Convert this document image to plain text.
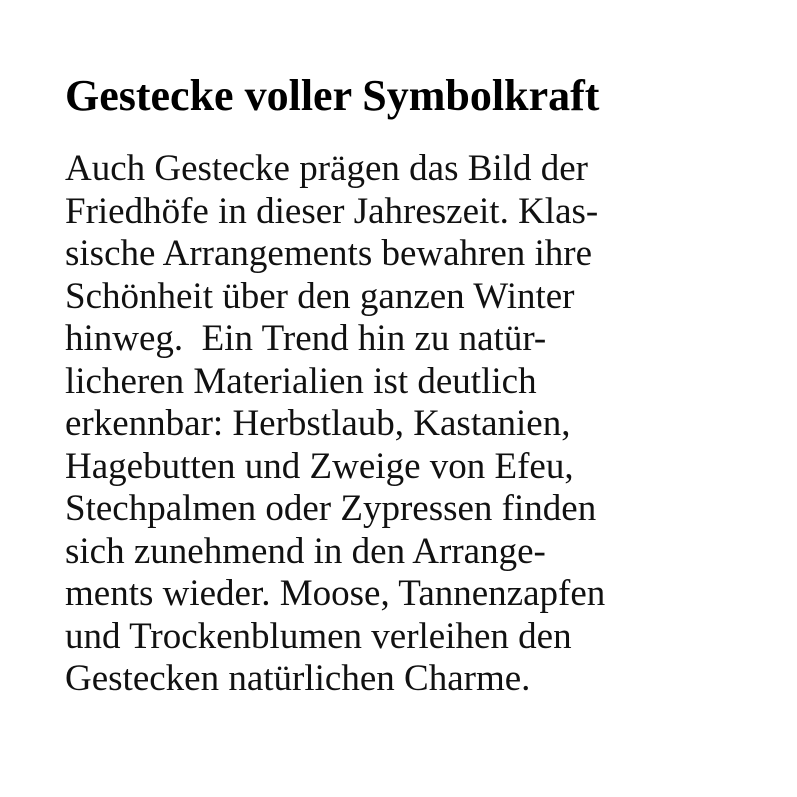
Gestecke voller Symbolkraft
Auch Gestecke prägen das Bild der
Friedhöfe in dieser Jahreszeit. Klas-
sische Arrangements bewahren ihre
Schönheit über den ganzen Winter
hinweg.  Ein Trend hin zu natür-
licheren Materialien ist deutlich
erkennbar: Herbstlaub, Kastanien,
Hagebutten und Zweige von Efeu,
Stechpalmen oder Zypressen finden
sich zunehmend in den Arrange-
ments wieder. Moose, Tannenzapfen
und Trockenblumen verleihen den
Gestecken natürlichen Charme.
